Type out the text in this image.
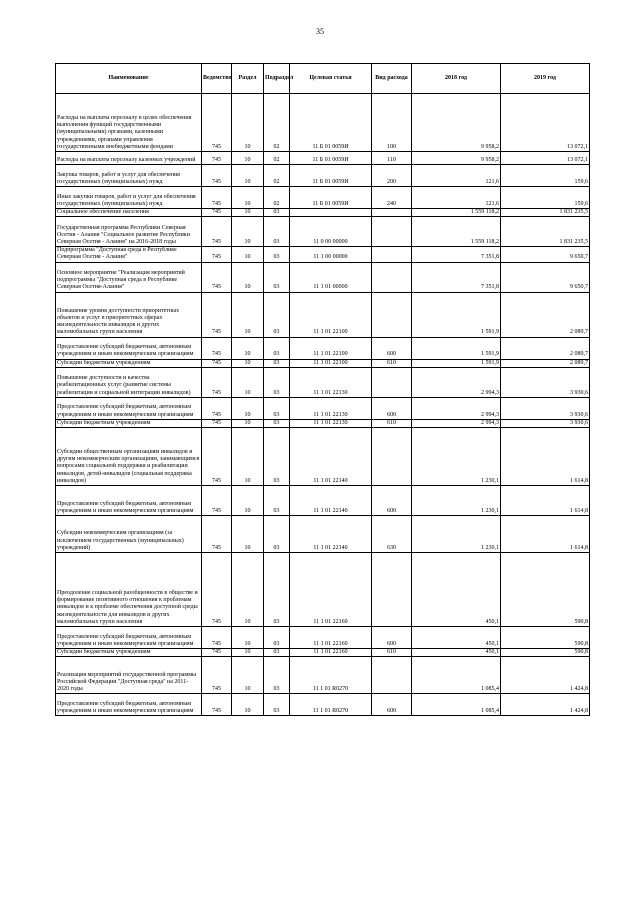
35
Наименование	Ведомство	Раздел	Подраздел	Целевая статья	Вид расхода	2018 год	2019 год
Расходы на выплаты персоналу в целях обеспечения выполнения функций государственными (муниципальными) органами, казенными учреждениями, органами управления государственными внебюджетными фондами	745	10	02	11 Б 01 0059И	100	9 958,2	13 072,1
Расходы на выплаты персоналу казенных учреждений	745	10	02	11 Б 01 0059И	110	9 958,2	13 072,1
Закупка товаров, работ и услуг для обеспечения государственных (муниципальных) нужд	745	10	02	11 Б 01 0059И	200	121,6	159,6
Иные закупки товаров, работ и услуг для обеспечения государственных (муниципальных) нужд	745	10	02	11 Б 01 0059И	240	121,6	159,6
Социальное обеспечение населения	745	10	03			1 559 118,2	1 831 235,5
Государственная программа Республики Северная Осетия - Алания "Социальное развитие Республики Северная Осетия - Алания" на 2016-2018 годы	745	10	03	11 0 00 00000		1 559 118,2	1 831 235,5
Подпрограмма "Доступная среда в Республике Северная Осетия - Алания"	745	10	03	11 1 00 00000		7 351,8	9 650,7
Основное мероприятие "Реализация мероприятий подпрограммы "Доступная среда в Республике Северная Осетия-Алания"	745	10	03	11 1 01 00000		7 351,8	9 650,7
Повышение уровня доступности приоритетных объектов и услуг в приоритетных сферах жизнедеятельности инвалидов и других маломобильных групп населения	745	10	03	11 1 01 22100		1 591,9	2 089,7
Предоставление субсидий бюджетным, автономным учреждениям и иным некоммерческим организациям	745	10	03	11 1 01 22100	600	1 591,9	2 089,7
Субсидии бюджетным учреждениям	745	10	03	11 1 01 22100	610	1 591,9	2 089,7
Повышение доступности и качества реабилитационных услуг (развитие системы реабилитации и социальной интеграции инвалидов)	745	10	03	11 1 01 22130		2 994,3	3 930,6
Предоставление субсидий бюджетным, автономным учреждениям и иным некоммерческим организациям	745	10	03	11 1 01 22130	600	2 994,3	3 930,6
Субсидии бюджетным учреждениям	745	10	03	11 1 01 22130	610	2 994,3	3 930,6
Субсидии общественным организациям инвалидов и другим некоммерческим организациям, занимающимся вопросами социальной поддержки и реабилитации инвалидов, детей-инвалидов (социальная поддержка инвалидов)	745	10	03	11 1 01 22140		1 230,1	1 614,8
Предоставление субсидий бюджетным, автономным учреждениям и иным некоммерческим организациям	745	10	03	11 1 01 22140	600	1 230,1	1 614,8
Субсидии некоммерческим организациям (за исключением государственных (муниципальных) учреждений)	745	10	03	11 1 01 22140	630	1 230,1	1 614,8
Преодоление социальной разобщенности в обществе и формирование позитивного отношения к проблемам инвалидов и к проблеме обеспечения доступной среды жизнедеятельности для инвалидов и других маломобильных групп населения	745	10	03	11 1 01 22160		450,1	590,8
Предоставление субсидий бюджетным, автономным учреждениям и иным некоммерческим организациям	745	10	03	11 1 01 22160	600	450,1	590,8
Субсидии бюджетным учреждениям	745	10	03	11 1 01 22160	610	450,1	590,8
Реализация мероприятий государственной программы Российской Федерации "Доступная среда" на 2011-2020 годы	745	10	03	11 1 01 R0270		1 085,4	1 424,8
Предоставление субсидий бюджетным, автономным учреждениям и иным некоммерческим организациям	745	10	03	11 1 01 R0270	600	1 085,4	1 424,8
